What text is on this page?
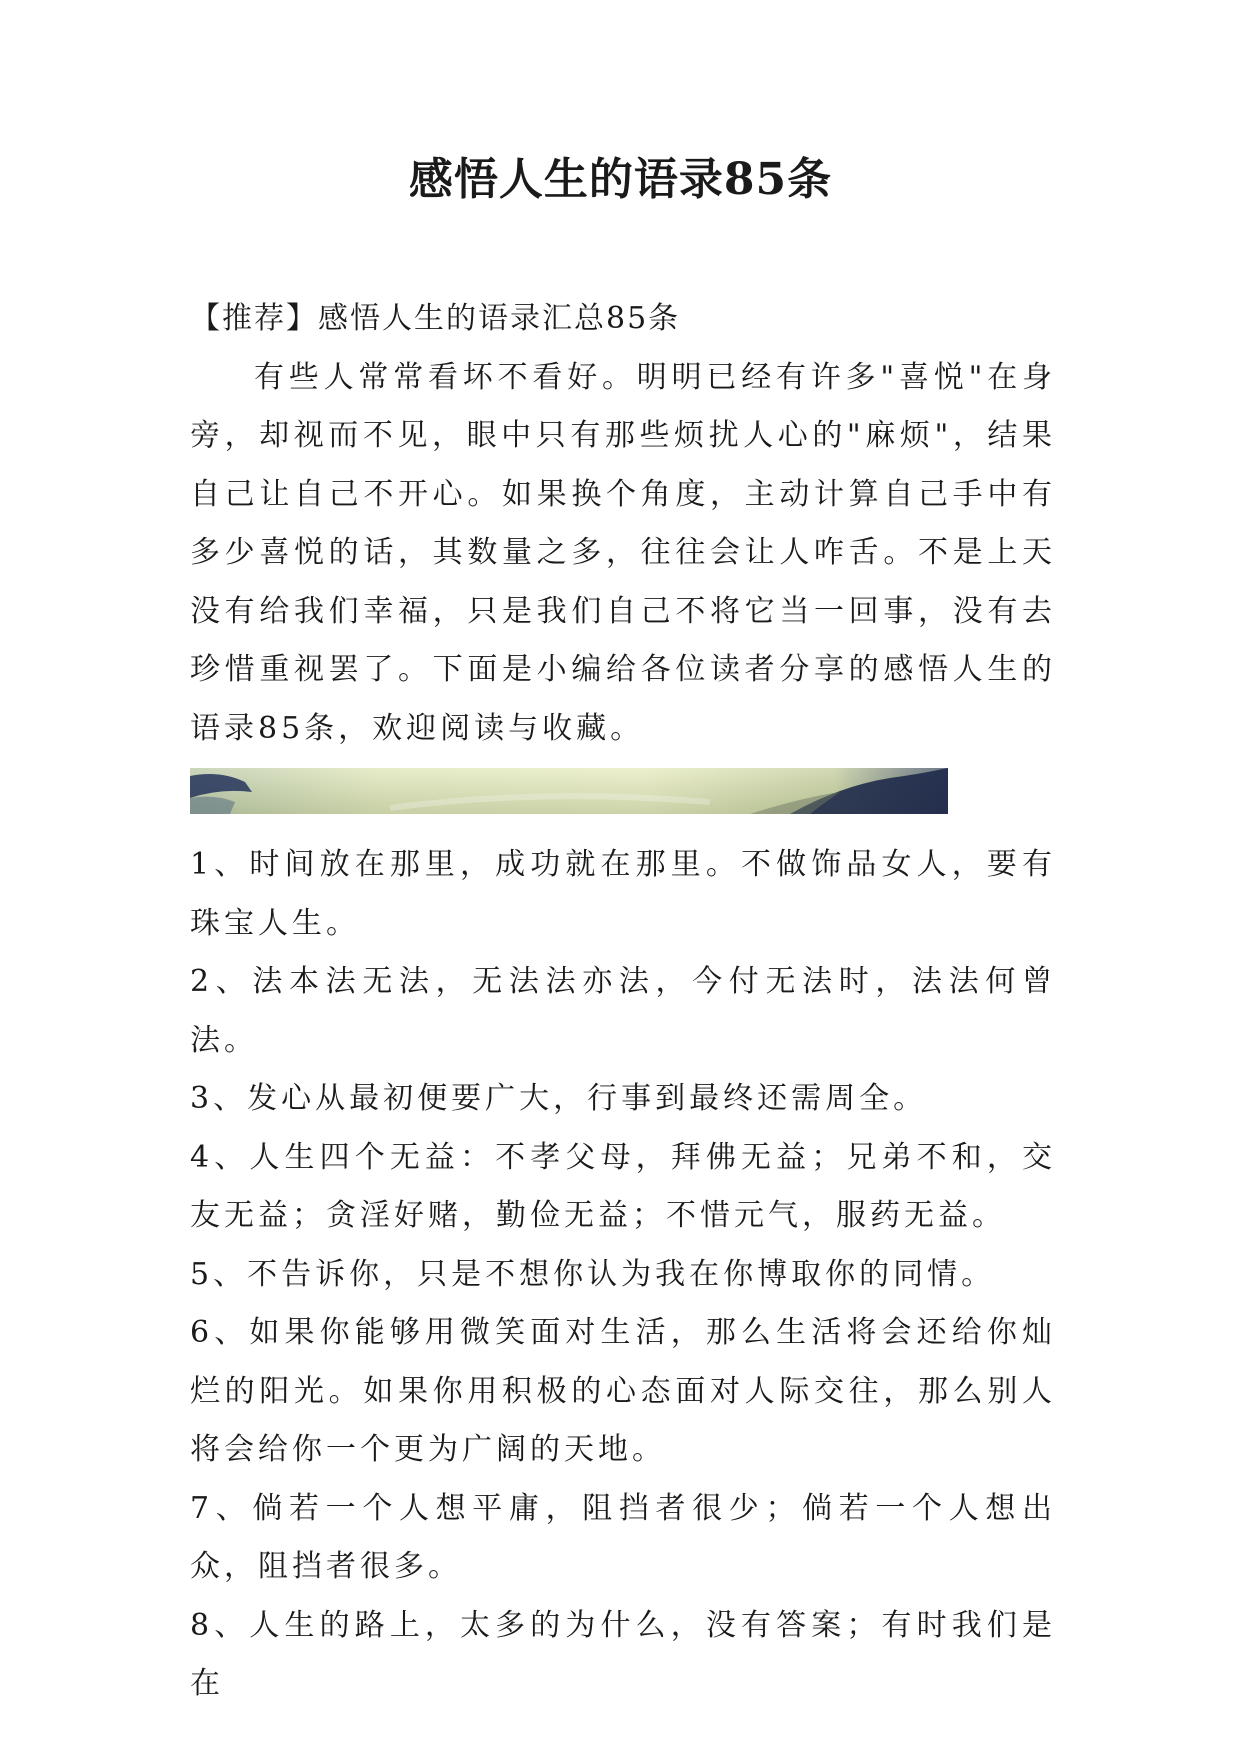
感悟人生的语录85条

【推荐】感悟人生的语录汇总85条

有些人常常看坏不看好。明明已经有许多"喜悦"在身旁，却视而不见，眼中只有那些烦扰人心的"麻烦"，结果自己让自己不开心。如果换个角度，主动计算自己手中有多少喜悦的话，其数量之多，往往会让人咋舌。不是上天没有给我们幸福，只是我们自己不将它当一回事，没有去珍惜重视罢了。下面是小编给各位读者分享的感悟人生的语录85条，欢迎阅读与收藏。

1、时间放在那里，成功就在那里。不做饰品女人，要有珠宝人生。

2、法本法无法，无法法亦法，今付无法时，法法何曾法。

3、发心从最初便要广大，行事到最终还需周全。

4、人生四个无益：不孝父母，拜佛无益；兄弟不和，交友无益；贪淫好赌，勤俭无益；不惜元气，服药无益。

5、不告诉你，只是不想你认为我在你博取你的同情。

6、如果你能够用微笑面对生活，那么生活将会还给你灿烂的阳光。如果你用积极的心态面对人际交往，那么别人将会给你一个更为广阔的天地。

7、倘若一个人想平庸，阻挡者很少；倘若一个人想出众，阻挡者很多。

8、人生的路上，太多的为什么，没有答案；有时我们是在
